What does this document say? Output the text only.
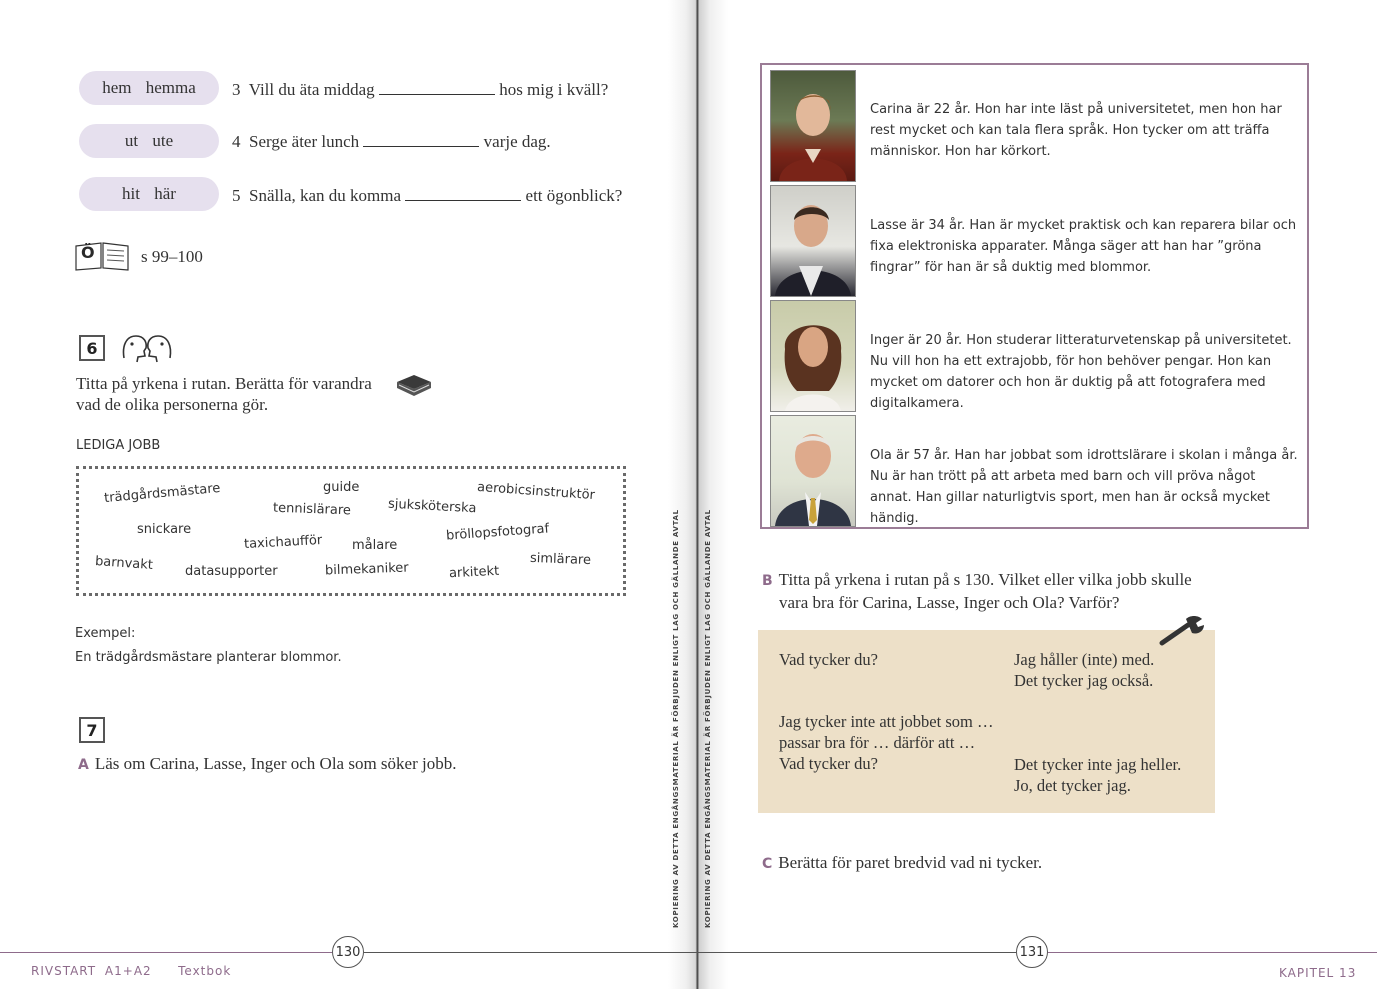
hem hemma
ut ute
hit här
3 Vill du äta middag	hos mig i kväll?
4 Serge äter lunch	varje dag.
5 Snälla, kan du komma	ett ögonblick?
Ö	s 99–100
6
Titta på yrkena i rutan. Berätta för varandra
vad de olika personerna gör.
LEDIGA JOBB
trädgårdsmästare	guide	aerobicsinstruktör
tennislärare	sjuksköterska
snickare	bröllopsfotograf
taxichaufför målare
barnvakt	simlärare
datasupporter	bilmekaniker	arkitekt
Exempel:
En trädgårdsmästare planterar blommor.
7
A Läs om Carina, Lasse, Inger och Ola som söker jobb.
130
RIVSTART A1+A2   Textbok
KOPIERING AV DETTA ENGÅNGSMATERIAL ÄR FÖRBJUDEN ENLIGT LAG OCH GÄLLANDE AVTAL	KOPIERING AV DETTA ENGÅNGSMATERIAL ÄR FÖRBJUDEN ENLIGT LAG OCH GÄLLANDE AVTAL
Carina är 22 år. Hon har inte läst på universitetet, men hon har rest mycket och kan tala flera språk. Hon tycker om att träffa människor. Hon har körkort.
Lasse är 34 år. Han är mycket praktisk och kan reparera bilar och fixa elektroniska apparater. Många säger att han har ”gröna fingrar” för han är så duktig med blommor.
Inger är 20 år. Hon studerar litteraturvetenskap på universitetet. Nu vill hon ha ett extrajobb, för hon behöver pengar. Hon kan mycket om datorer och hon är duktig på att fotografera med digitalkamera.
Ola är 57 år. Han har jobbat som idrottslärare i skolan i många år. Nu är han trött på att arbeta med barn och vill pröva något annat. Han gillar naturligtvis sport, men han är också mycket händig.
B Titta på yrkena i rutan på s 130. Vilket eller vilka jobb skulle
vara bra för Carina, Lasse, Inger och Ola? Varför?
Vad tycker du?	Jag håller (inte) med.
Det tycker jag också.
Jag tycker inte att jobbet som …
passar bra för … därför att …
Vad tycker du?	Det tycker inte jag heller.
Jo, det tycker jag.
C Berätta för paret bredvid vad ni tycker.
131
KAPITEL 13
